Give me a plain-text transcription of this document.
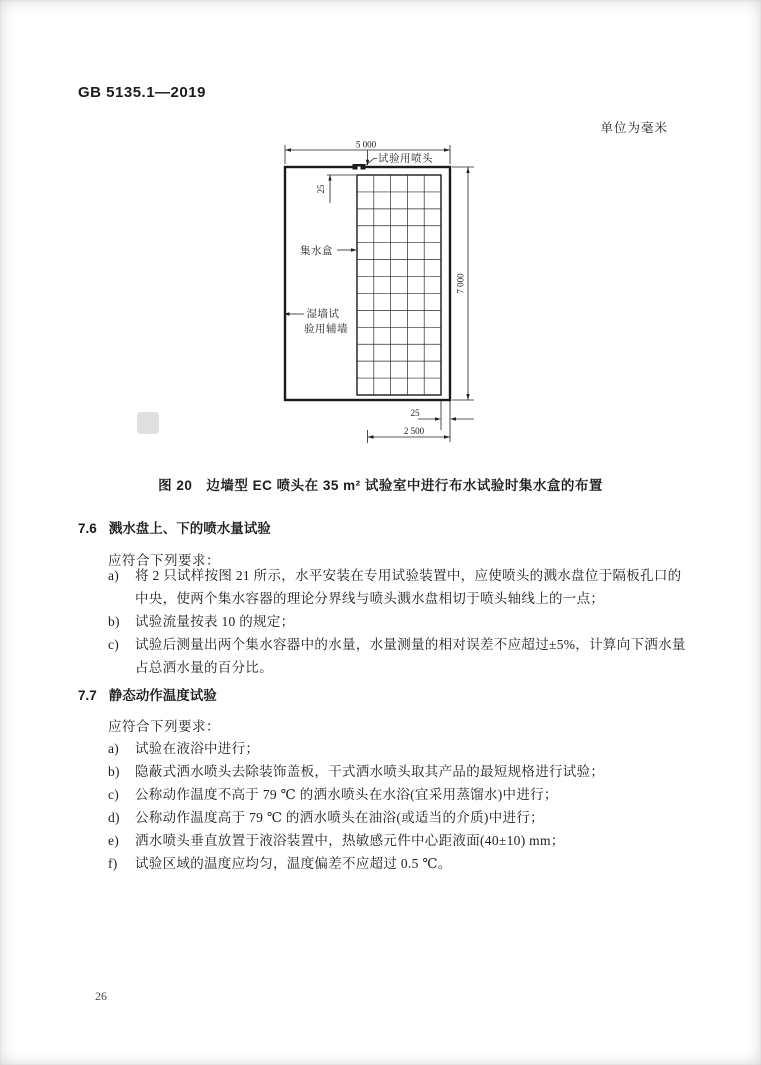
GB 5135.1—2019
单位为毫米
5 000
试验用喷头
25
集水盒
湿墙试
验用辅墙
7 000
25
2 500
图 20　边墙型 EC 喷头在 35 m² 试验室中进行布水试验时集水盒的布置
7.6 溅水盘上、下的喷水量试验
应符合下列要求：
a)	将 2 只试样按图 21 所示，水平安装在专用试验装置中，应使喷头的溅水盘位于隔板孔口的中央，使两个集水容器的理论分界线与喷头溅水盘相切于喷头轴线上的一点；
b)	试验流量按表 10 的规定；
c)	试验后测量出两个集水容器中的水量，水量测量的相对误差不应超过±5%，计算向下洒水量占总洒水量的百分比。
7.7 静态动作温度试验
应符合下列要求：
a)	试验在液浴中进行；
b)	隐蔽式洒水喷头去除装饰盖板，干式洒水喷头取其产品的最短规格进行试验；
c)	公称动作温度不高于 79 ℃ 的洒水喷头在水浴(宜采用蒸馏水)中进行；
d)	公称动作温度高于 79 ℃ 的洒水喷头在油浴(或适当的介质)中进行；
e)	洒水喷头垂直放置于液浴装置中，热敏感元件中心距液面(40±10) mm；
f)	试验区域的温度应均匀，温度偏差不应超过 0.5 ℃。
26
